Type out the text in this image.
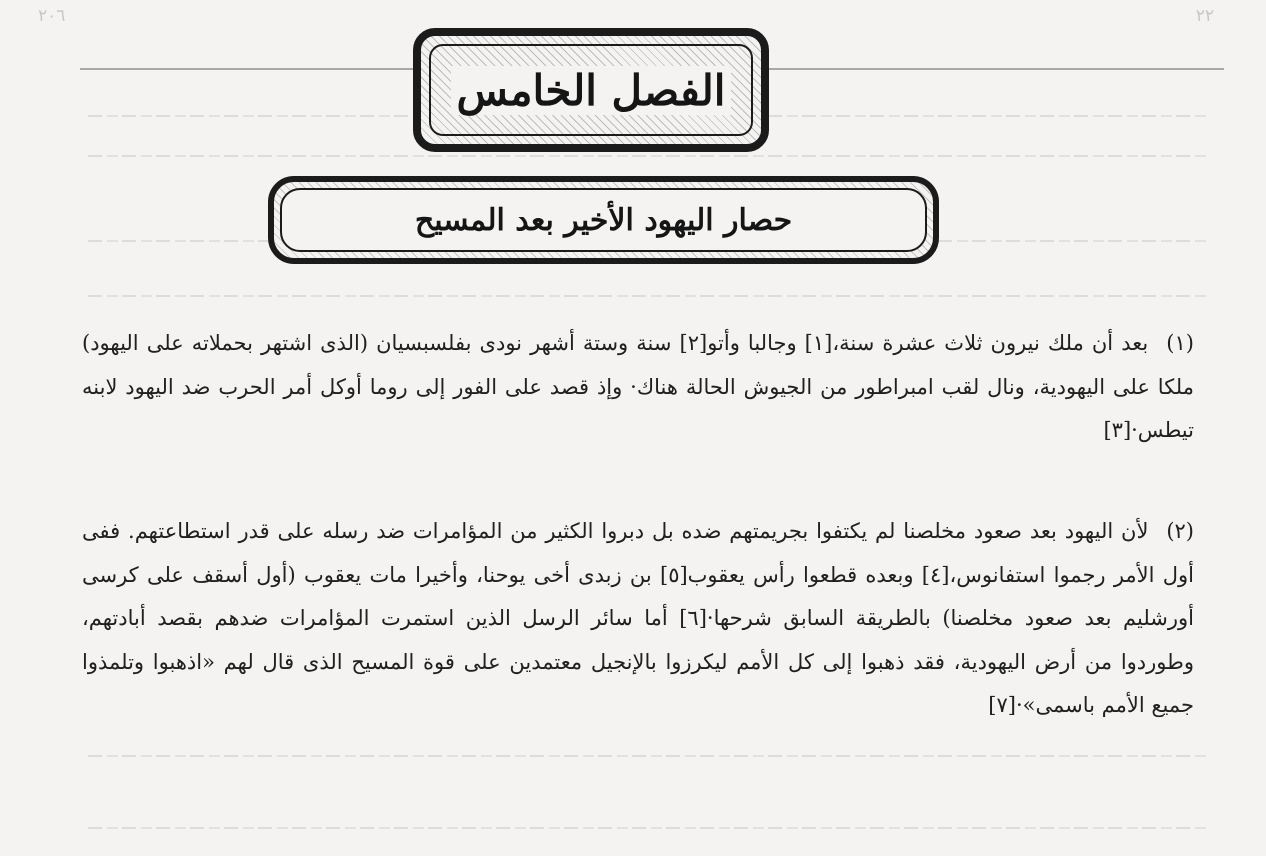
٢٠٦	٢٢
الفصل الخامس
حصار اليهود الأخير بعد المسيح

(١) بعد أن ملك نيرون ثلاث عشرة سنة،[١] وجالبا وأتو[٢] سنة وستة أشهر نودى بفلسبسيان (الذى اشتهر بحملاته على اليهود) ملكا على اليهودية، ونال لقب امبراطور من الجيوش الحالة هناك· وإذ قصد على الفور إلى روما أوكل أمر الحرب ضد اليهود لابنه تيطس·[٣]

(٢) لأن اليهود بعد صعود مخلصنا لم يكتفوا بجريمتهم ضده بل دبروا الكثير من المؤامرات ضد رسله على قدر استطاعتهم. ففى أول الأمر رجموا استفانوس،[٤] وبعده قطعوا رأس يعقوب[٥] بن زبدى أخى يوحنا، وأخيرا مات يعقوب (أول أسقف على كرسى أورشليم بعد صعود مخلصنا) بالطريقة السابق شرحها·[٦] أما سائر الرسل الذين استمرت المؤامرات ضدهم بقصد أبادتهم، وطوردوا من أرض اليهودية، فقد ذهبوا إلى كل الأمم ليكرزوا بالإنجيل معتمدين على قوة المسيح الذى قال لهم «اذهبوا وتلمذوا جميع الأمم باسمى»·[٧]
